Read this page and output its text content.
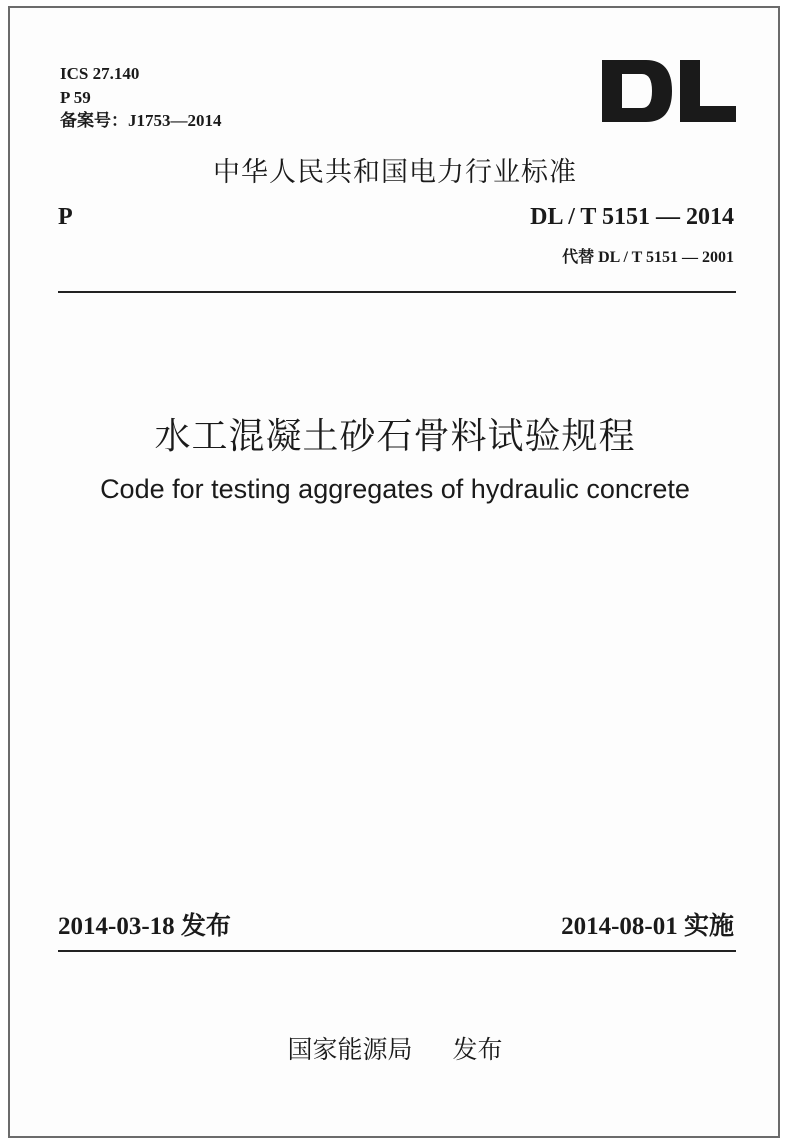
ICS 27.140
P 59
备案号：J1753—2014
中华人民共和国电力行业标准
P	DL / T 5151 — 2014
代替 DL / T 5151 — 2001
水工混凝土砂石骨料试验规程
Code for testing aggregates of hydraulic concrete
2014-03-18 发布	2014-08-01 实施
国家能源局 发布
